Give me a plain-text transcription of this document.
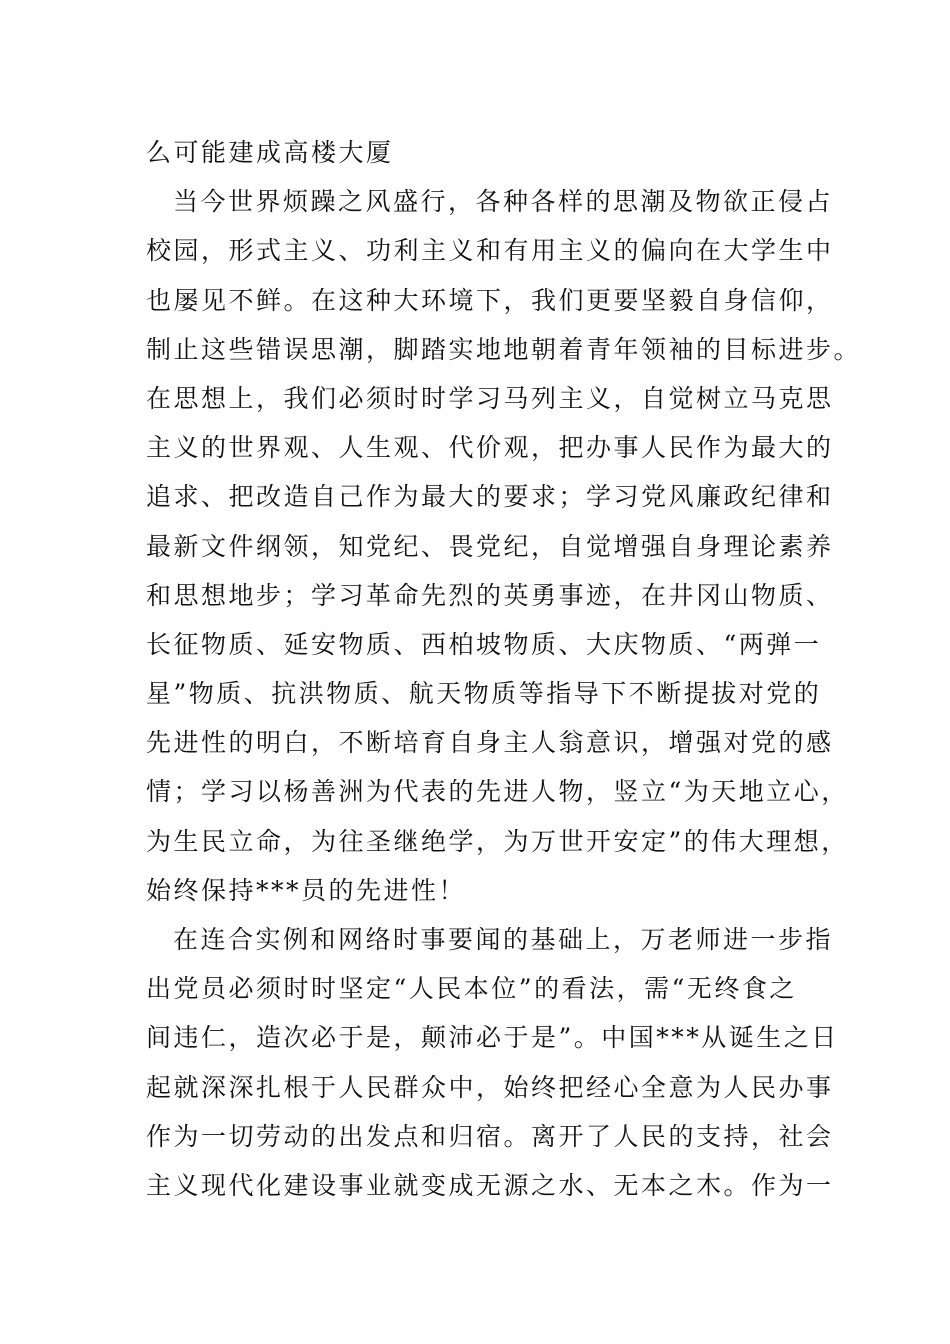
么可能建成高楼大厦
当今世界烦躁之风盛行，各种各样的思潮及物欲正侵占
校园，形式主义、功利主义和有用主义的偏向在大学生中
也屡见不鲜。在这种大环境下，我们更要坚毅自身信仰，
制止这些错误思潮，脚踏实地地朝着青年领袖的目标进步。
在思想上，我们必须时时学习马列主义，自觉树立马克思
主义的世界观、人生观、代价观，把办事人民作为最大的
追求、把改造自己作为最大的要求；学习党风廉政纪律和
最新文件纲领，知党纪、畏党纪，自觉增强自身理论素养
和思想地步；学习革命先烈的英勇事迹，在井冈山物质、
长征物质、延安物质、西柏坡物质、大庆物质、“两弹一
星”物质、抗洪物质、航天物质等指导下不断提拔对党的
先进性的明白，不断培育自身主人翁意识，增强对党的感
情；学习以杨善洲为代表的先进人物，竖立“为天地立心，
为生民立命，为往圣继绝学，为万世开安定”的伟大理想，
始终保持***员的先进性！
在连合实例和网络时事要闻的基础上，万老师进一步指
出党员必须时时坚定“人民本位”的看法，需“无终食之
间违仁，造次必于是，颠沛必于是”。中国***从诞生之日
起就深深扎根于人民群众中，始终把经心全意为人民办事
作为一切劳动的出发点和归宿。离开了人民的支持，社会
主义现代化建设事业就变成无源之水、无本之木。作为一
